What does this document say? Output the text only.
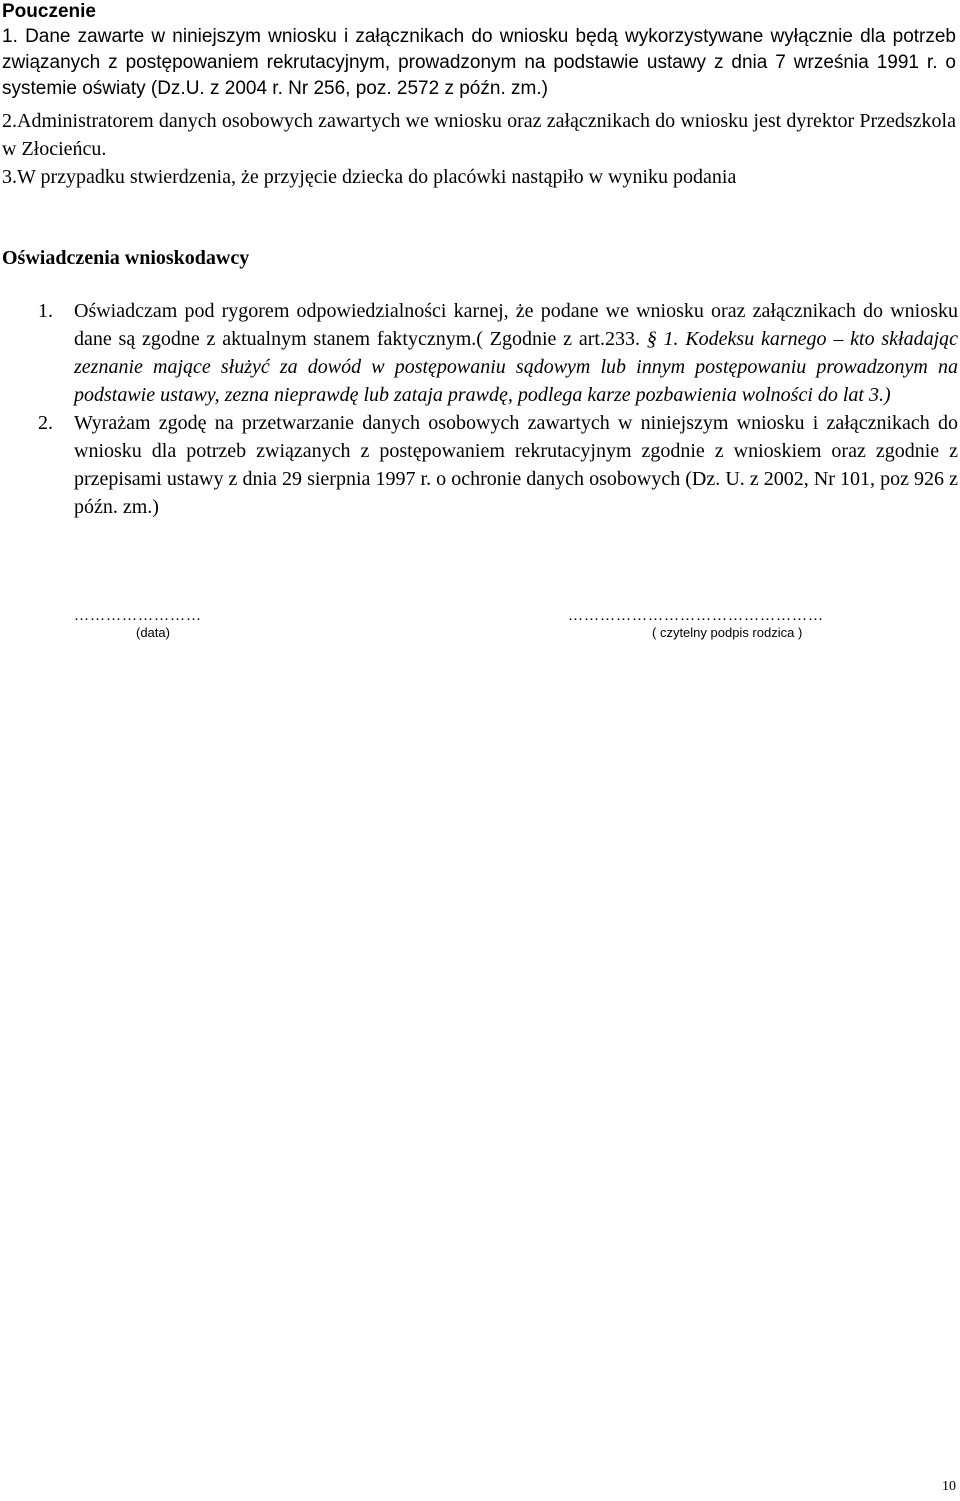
Pouczenie
1. Dane zawarte w niniejszym wniosku i załącznikach do wniosku będą wykorzystywane wyłącznie dla potrzeb związanych z postępowaniem rekrutacyjnym, prowadzonym na podstawie ustawy z dnia 7 września 1991 r. o systemie oświaty (Dz.U. z 2004 r. Nr 256, poz. 2572 z późn. zm.)
2.Administratorem danych osobowych zawartych we wniosku oraz załącznikach do wniosku jest dyrektor Przedszkola w Złocieńcu.
3.W przypadku stwierdzenia, że przyjęcie dziecka do placówki nastąpiło w wyniku podania
Oświadczenia wnioskodawcy
1. Oświadczam pod rygorem odpowiedzialności karnej, że podane we wniosku oraz załącznikach do wniosku dane są zgodne z aktualnym stanem faktycznym.( Zgodnie z art.233. § 1. Kodeksu karnego – kto składając zeznanie mające służyć za dowód w postępowaniu sądowym lub innym postępowaniu prowadzonym na podstawie ustawy, zezna nieprawdę lub zataja prawdę, podlega karze pozbawienia wolności do lat 3.)
2. Wyrażam zgodę na przetwarzanie danych osobowych zawartych w niniejszym wniosku i załącznikach do wniosku dla potrzeb związanych z postępowaniem rekrutacyjnym zgodnie z wnioskiem oraz zgodnie z przepisami ustawy z dnia 29 sierpnia 1997 r. o ochronie danych osobowych (Dz. U. z 2002, Nr 101, poz 926 z późn. zm.)
……………………
(data)
…………………………………………
( czytelny podpis rodzica )
10
